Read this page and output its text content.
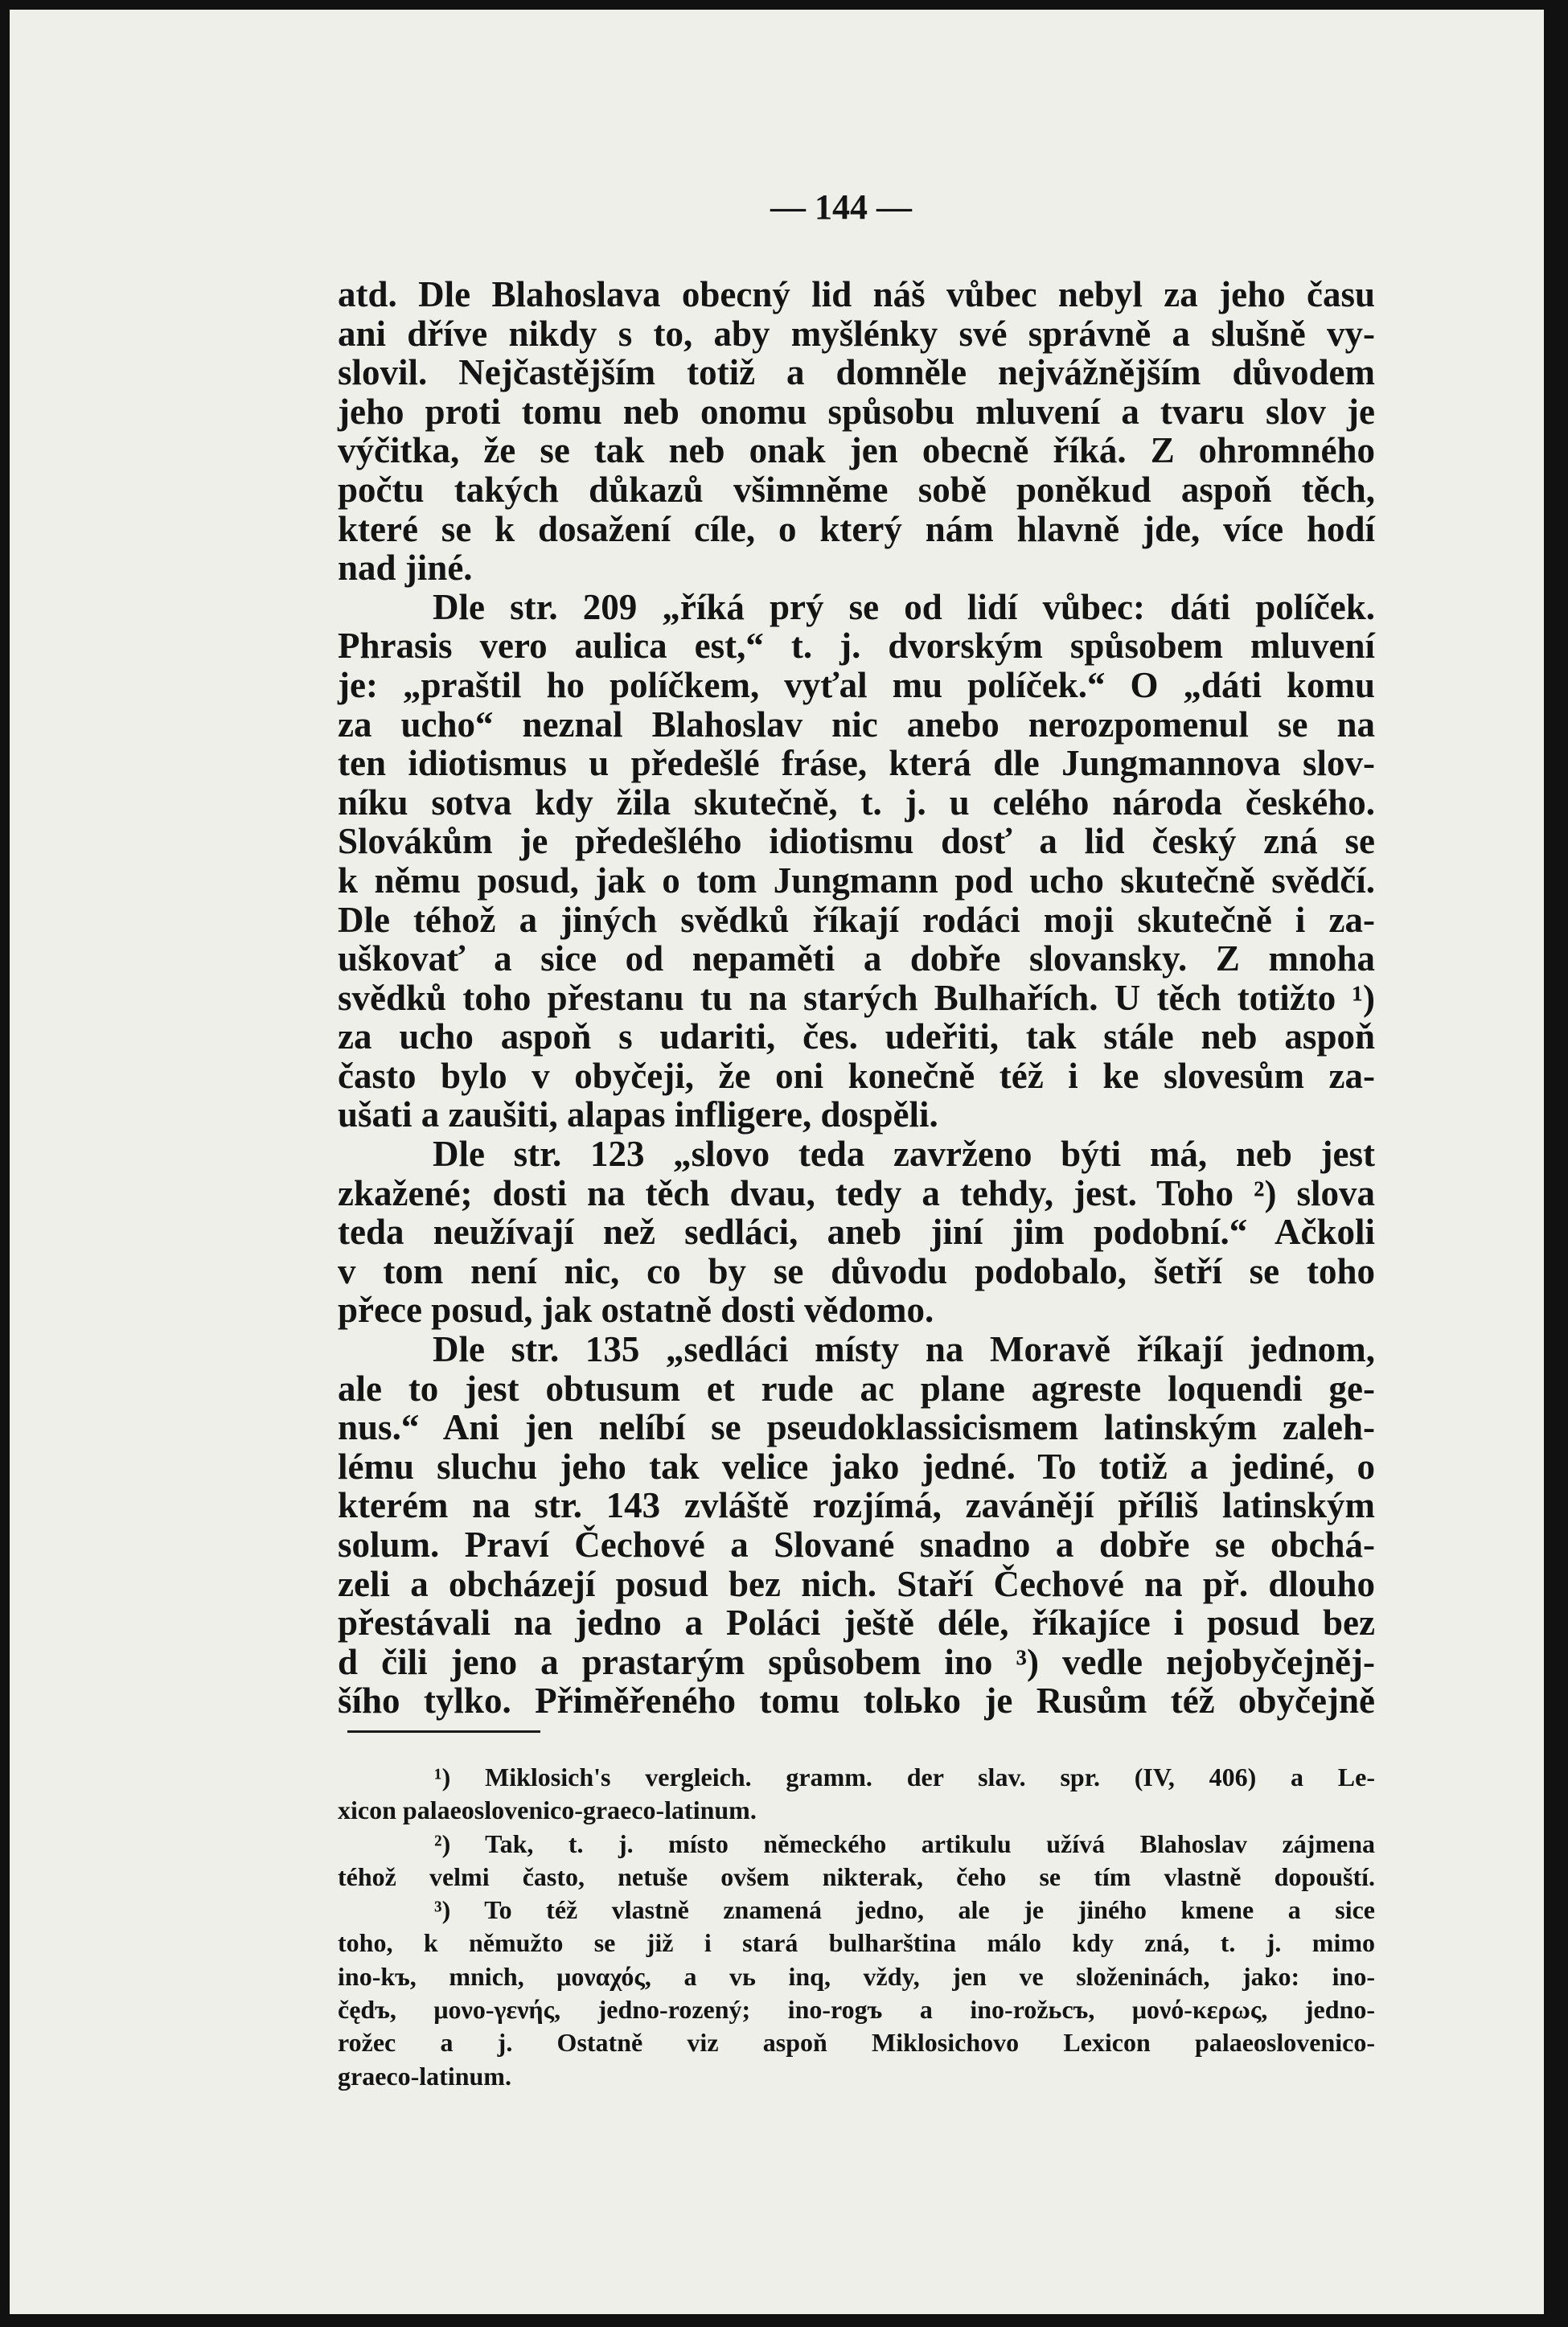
— 144 —
atd. Dle Blahoslava obecný lid náš vůbec nebyl za jeho času
ani dříve nikdy s to, aby myšlénky své správně a slušně vy-
slovil. Nejčastějším totiž a domněle nejvážnějším důvodem
jeho proti tomu neb onomu spůsobu mluvení a tvaru slov je
výčitka, že se tak neb onak jen obecně říká. Z ohromného
počtu takých důkazů všimněme sobě poněkud aspoň těch,
které se k dosažení cíle, o který nám hlavně jde, více hodí
nad jiné.
Dle str. 209 „říká prý se od lidí vůbec: dáti políček.
Phrasis vero aulica est,“ t. j. dvorským spůsobem mluvení
je: „praštil ho políčkem, vyťal mu políček.“ O „dáti komu
za ucho“ neznal Blahoslav nic anebo nerozpomenul se na
ten idiotismus u předešlé fráse, která dle Jungmannova slov-
níku sotva kdy žila skutečně, t. j. u celého národa českého.
Slovákům je předešlého idiotismu dosť a lid český zná se
k němu posud, jak o tom Jungmann pod ucho skutečně svědčí.
Dle téhož a jiných svědků říkají rodáci moji skutečně i za-
uškovať a sice od nepaměti a dobře slovansky. Z mnoha
svědků toho přestanu tu na starých Bulhařích. U těch totižto ¹)
za ucho aspoň s udariti, čes. udeřiti, tak stále neb aspoň
často bylo v obyčeji, že oni konečně též i ke slovesům za-
ušati a zaušiti, alapas infligere, dospěli.
Dle str. 123 „slovo teda zavrženo býti má, neb jest
zkažené; dosti na těch dvau, tedy a tehdy, jest. Toho ²) slova
teda neužívají než sedláci, aneb jiní jim podobní.“ Ačkoli
v tom není nic, co by se důvodu podobalo, šetří se toho
přece posud, jak ostatně dosti vědomo.
Dle str. 135 „sedláci místy na Moravě říkají jednom,
ale to jest obtusum et rude ac plane agreste loquendi ge-
nus.“ Ani jen nelíbí se pseudoklassicismem latinským zaleh-
lému sluchu jeho tak velice jako jedné. To totiž a jediné, o
kterém na str. 143 zvláště rozjímá, zavánějí příliš latinským
solum. Praví Čechové a Slované snadno a dobře se obchá-
zeli a obcházejí posud bez nich. Staří Čechové na př. dlouho
přestávali na jedno a Poláci ještě déle, říkajíce i posud bez
d čili jeno a prastarým spůsobem ino ³) vedle nejobyčejněj-
šího tylko. Přiměřeného tomu tolьko je Rusům též obyčejně
¹) Miklosich's vergleich. gramm. der slav. spr. (IV, 406) a Le-
xicon palaeoslovenico-graeco-latinum.
²) Tak, t. j. místo německého artikulu užívá Blahoslav zájmena
téhož velmi často, netuše ovšem nikterak, čeho se tím vlastně dopouští.
³) To též vlastně znamená jedno, ale je jiného kmene a sice
toho, k němužto se již i stará bulharština málo kdy zná, t. j. mimo
ino-kъ, mnich, μοναχός, a vь inq, vždy, jen ve složeninách, jako: ino-
čędъ, μονο-γενής, jedno-rozený; ino-rogъ a ino-rožьсъ, μονό-κερως, jedno-
rožec a j. Ostatně viz aspoň Miklosichovo Lexicon palaeoslovenico-
graeco-latinum.
